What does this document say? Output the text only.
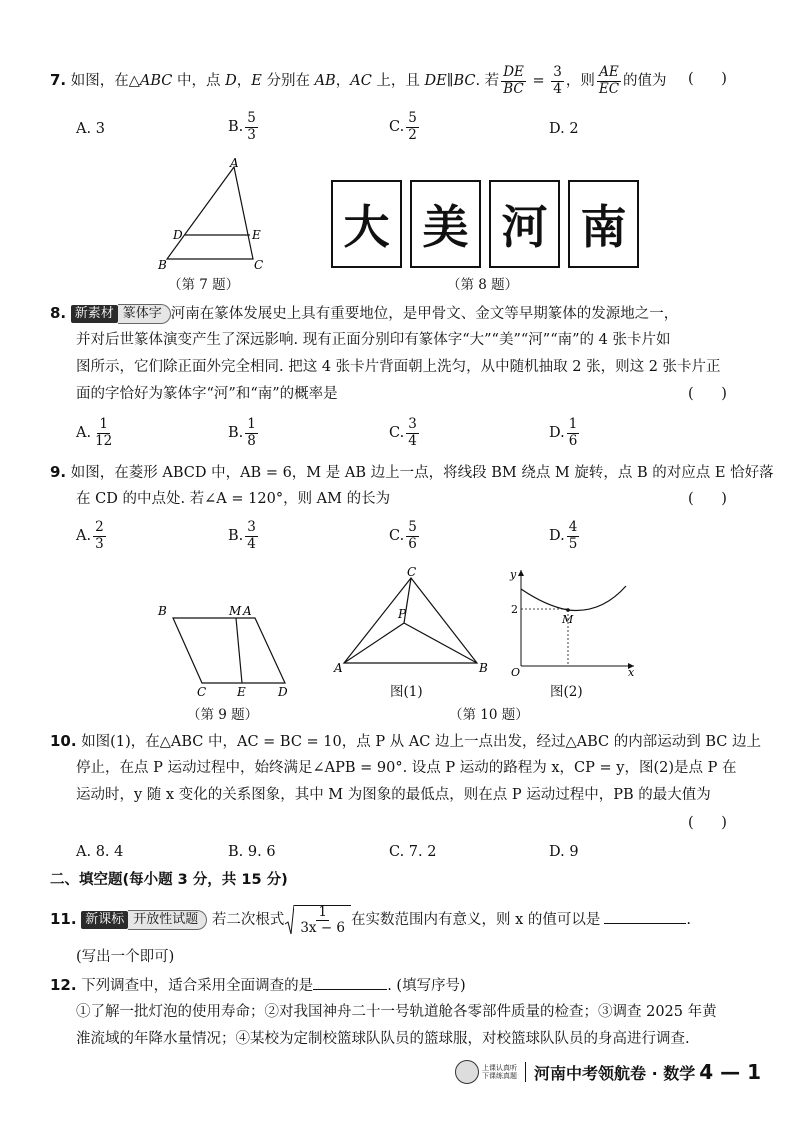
7. 如图，在△ABC 中，点 D，E 分别在 AB，AC 上，且 DE∥BC. 若 $\frac{DE}{BC} = \frac{3}{4}$ ，则 $\frac{AE}{EC}$ 的值为 (      )
A. 3	B. $\frac{5}{3}$	C. $\frac{5}{2}$	D. 2
A
B	C
D	E
（第 7 题）
大 美 河 南
（第 8 题）
8. 新素材 篆体字 河南在篆体发展史上具有重要地位，是甲骨文、金文等早期篆体的发源地之一，
并对后世篆体演变产生了深远影响. 现有正面分别印有篆体字“大”“美”“河”“南”的 4 张卡片如
图所示，它们除正面外完全相同. 把这 4 张卡片背面朝上洗匀，从中随机抽取 2 张，则这 2 张卡片正
面的字恰好为篆体字“河”和“南”的概率是	(      )
A. $\frac{1}{12}$	B. $\frac{1}{8}$	C. $\frac{3}{4}$	D. $\frac{1}{6}$
9. 如图，在菱形 ABCD 中，AB = 6，M 是 AB 边上一点，将线段 BM 绕点 M 旋转，点 B 的对应点 E 恰好落
在 CD 的中点处. 若∠A = 120°，则 AM 的长为	(      )
A. $\frac{2}{3}$	B. $\frac{3}{4}$	C. $\frac{5}{6}$	D. $\frac{4}{5}$
B	M A
C	E	D
（第 9 题）
C
P
A	B
图(1)
y
x
O
2
M
图(2)
（第 10 题）
10. 如图(1)，在△ABC 中，AC = BC = 10，点 P 从 AC 边上一点出发，经过△ABC 的内部运动到 BC 边上
停止，在点 P 运动过程中，始终满足∠APB = 90°. 设点 P 运动的路程为 x，CP = y，图(2)是点 P 在
运动时，y 随 x 变化的关系图象，其中 M 为图象的最低点，则在点 P 运动过程中，PB 的最大值为
(      )
A. 8. 4	B. 9. 6	C. 7. 2	D. 9
二、填空题(每小题 3 分，共 15 分)
11. 新课标 开放性试题 若二次根式 $\frac{1}{3x - 6}$ 在实数范围内有意义，则 x 的值可以是	.
(写出一个即可)
12. 下列调查中，适合采用全面调查的是	. (填写序号)
①了解一批灯泡的使用寿命；②对我国神舟二十一号轨道舱各零部件质量的检查；③调查 2025 年黄
淮流域的年降水量情况；④某校为定制校篮球队队员的篮球服，对校篮球队队员的身高进行调查.
上课认真听
下课练真题 河南中考领航卷 · 数学 4 — 1
